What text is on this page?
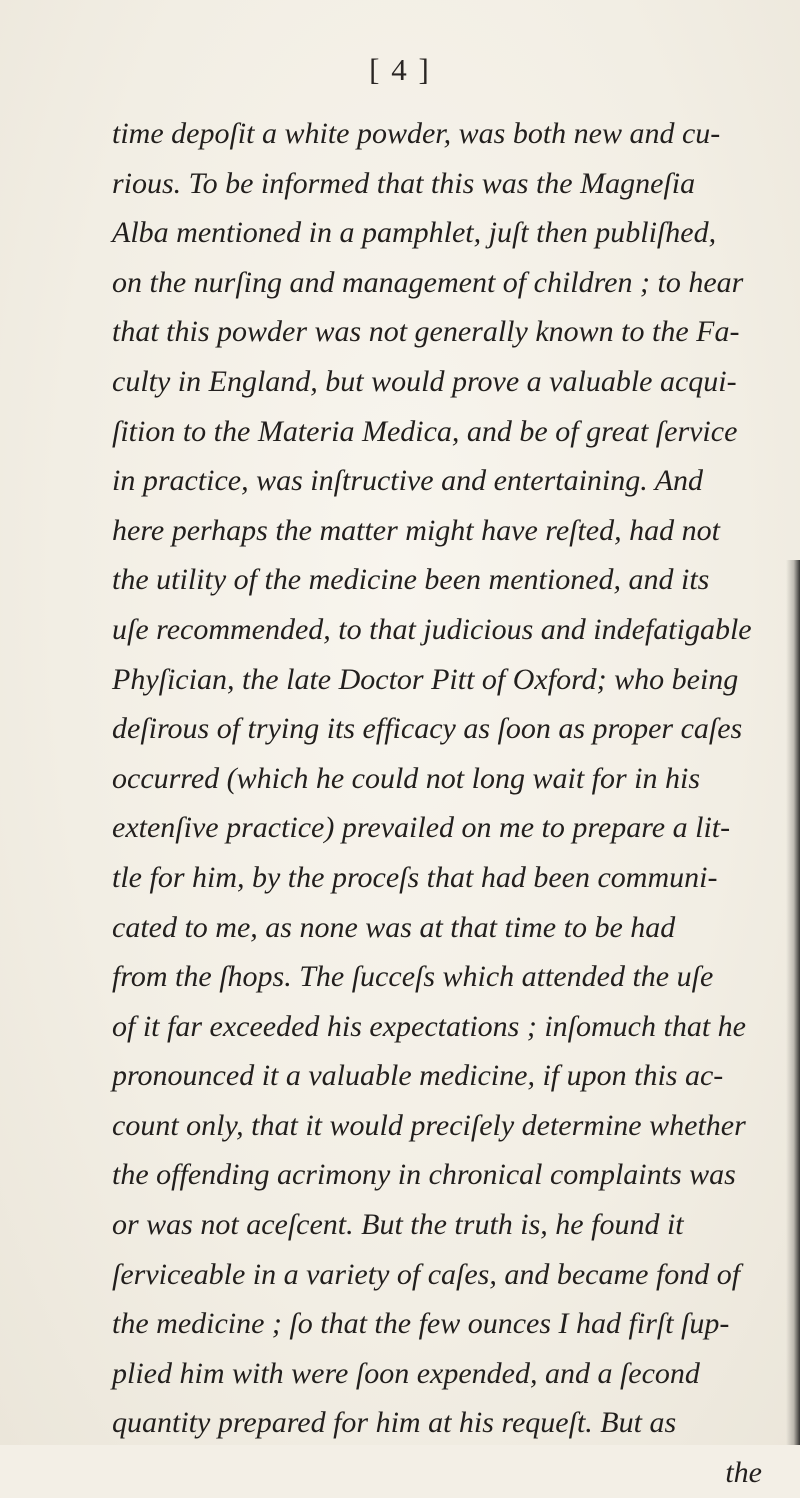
[ 4 ]
time depoſit a white powder, was both new and cu-
rious. To be informed that this was the Magneſia
Alba mentioned in a pamphlet, juſt then publiſhed,
on the nurſing and management of children ; to hear
that this powder was not generally known to the Fa-
culty in England, but would prove a valuable acqui-
ſition to the Materia Medica, and be of great ſervice
in practice, was inſtructive and entertaining. And
here perhaps the matter might have reſted, had not
the utility of the medicine been mentioned, and its
uſe recommended, to that judicious and indefatigable
Phyſician, the late Doctor Pitt of Oxford; who being
deſirous of trying its efficacy as ſoon as proper caſes
occurred (which he could not long wait for in his
extenſive practice) prevailed on me to prepare a lit-
tle for him, by the proceſs that had been communi-
cated to me, as none was at that time to be had
from the ſhops. The ſucceſs which attended the uſe
of it far exceeded his expectations ; inſomuch that he
pronounced it a valuable medicine, if upon this ac-
count only, that it would preciſely determine whether
the offending acrimony in chronical complaints was
or was not aceſcent. But the truth is, he found it
ſerviceable in a variety of caſes, and became fond of
the medicine ; ſo that the few ounces I had firſt ſup-
plied him with were ſoon expended, and a ſecond
quantity prepared for him at his requeſt. But as
the
